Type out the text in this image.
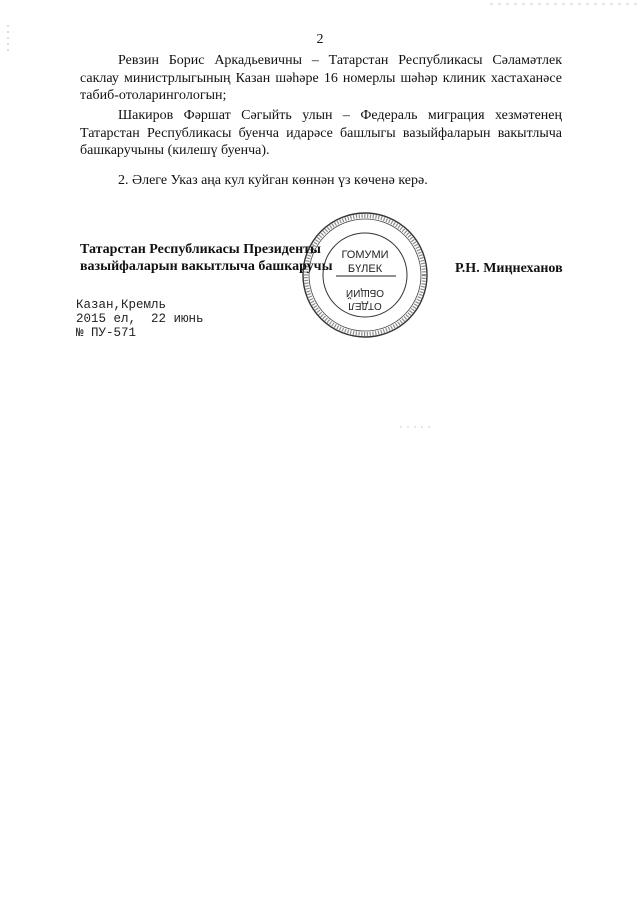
2

Ревзин Борис Аркадьевичны – Татарстан Республикасы Сәламәтлек саклау министрлыгының Казан шәһәре 16 номерлы шәһәр клиник хастаханәсе табиб-отоларингологын;

Шакиров Фәршат Сәгыйть улын – Федераль миграция хезмәтенең Татарстан Республикасы буенча идарәсе башлыгы вазыйфаларын вакытлыча башкаручыны (килешү буенча).

2. Әлеге Указ аңа кул куйган көннән үз көченә керә.

ГОМУМИ
БҮЛЕК
ОТДЕЛ
ОБЩИЙ
Татарстан Республикасы Президенты
вазыйфаларын вакытлыча башкаручы	Р.Н. Миңнеханов
Казан,Кремль
2015 ел,  22 июнь
№ ПУ-571
